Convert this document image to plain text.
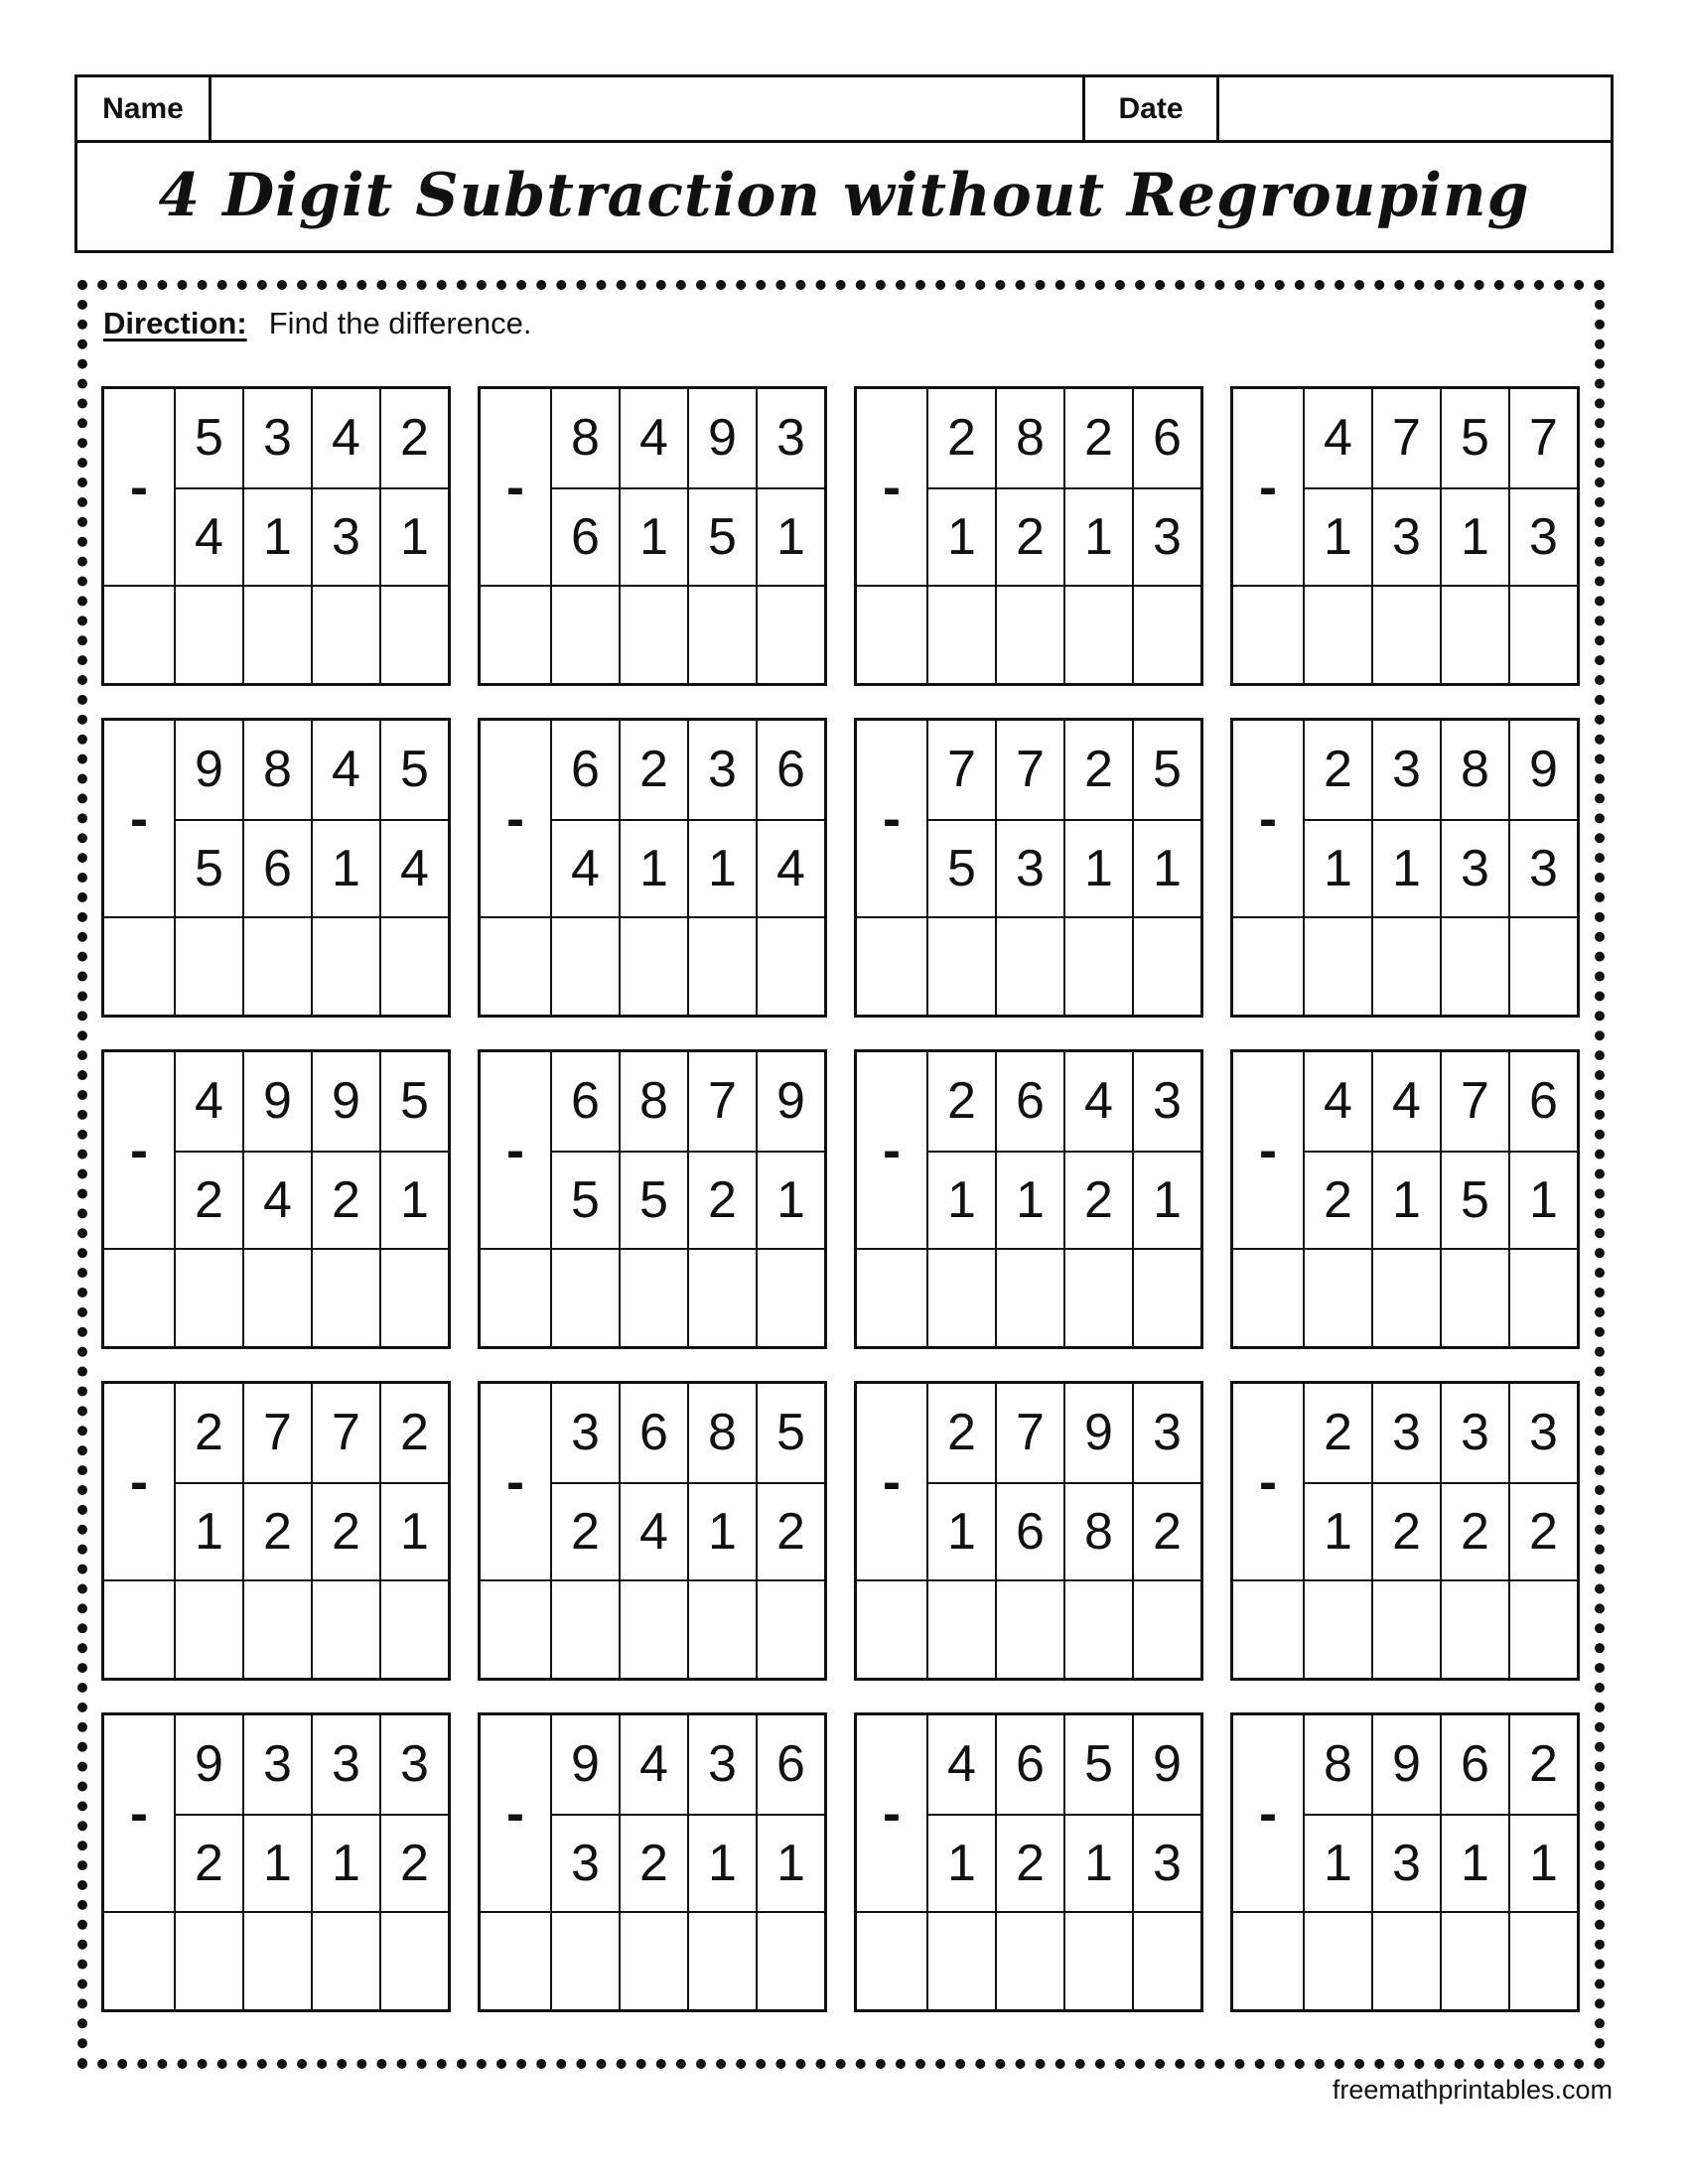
Name	Date
4 Digit Subtraction without Regrouping
Direction: Find the difference.
-
5 3 4 2
4 1 3 1
-
8 4 9 3
6 1 5 1
-
2 8 2 6
1 2 1 3
-
4 7 5 7
1 3 1 3
-
9 8 4 5
5 6 1 4
-
6 2 3 6
4 1 1 4
-
7 7 2 5
5 3 1 1
-
2 3 8 9
1 1 3 3
-
4 9 9 5
2 4 2 1
-
6 8 7 9
5 5 2 1
-
2 6 4 3
1 1 2 1
-
4 4 7 6
2 1 5 1
-
2 7 7 2
1 2 2 1
-
3 6 8 5
2 4 1 2
-
2 7 9 3
1 6 8 2
-
2 3 3 3
1 2 2 2
-
9 3 3 3
2 1 1 2
-
9 4 3 6
3 2 1 1
-
4 6 5 9
1 2 1 3
-
8 9 6 2
1 3 1 1
freemathprintables.com
